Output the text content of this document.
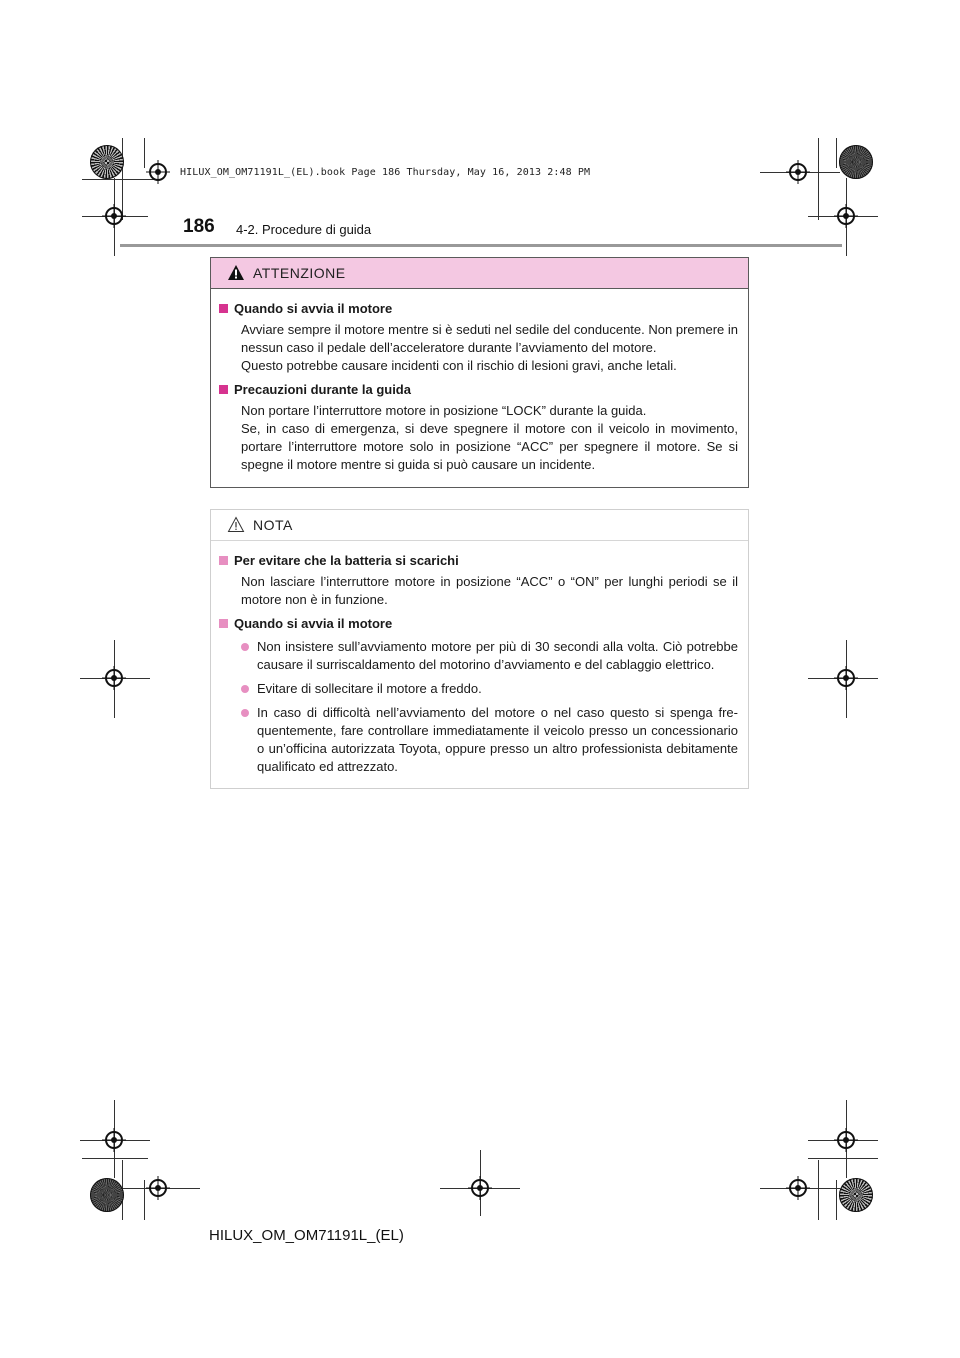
HILUX_OM_OM71191L_(EL).book Page 186 Thursday, May 16, 2013 2:48 PM
186 4-2. Procedure di guida
ATTENZIONE
Quando si avvia il motore

Avviare sempre il motore mentre si è seduti nel sedile del conducente. Non premere in nessun caso il pedale dell’acceleratore durante l’avviamento del motore.

Questo potrebbe causare incidenti con il rischio di lesioni gravi, anche letali.

Precauzioni durante la guida

Non portare l’interruttore motore in posizione “LOCK” durante la guida.

Se, in caso di emergenza, si deve spegnere il motore con il veicolo in movimento, portare l’interruttore motore solo in posizione “ACC” per spegnere il motore. Se si spegne il motore mentre si guida si può causare un incidente.

NOTA
Per evitare che la batteria si scarichi

Non lasciare l’interruttore motore in posizione “ACC” o “ON” per lunghi periodi se il motore non è in funzione.

Quando si avvia il motore
Non insistere sull’avviamento motore per più di 30 secondi alla volta. Ciò potrebbe causare il surriscaldamento del motorino d’avviamento e del cablaggio elettrico.
Evitare di sollecitare il motore a freddo.
In caso di difficoltà nell’avviamento del motore o nel caso questo si spenga fre- quentemente, fare controllare immediatamente il veicolo presso un concessionario o un’officina autorizzata Toyota, oppure presso un altro professionista debitamente qualificato ed attrezzato.
HILUX_OM_OM71191L_(EL)
